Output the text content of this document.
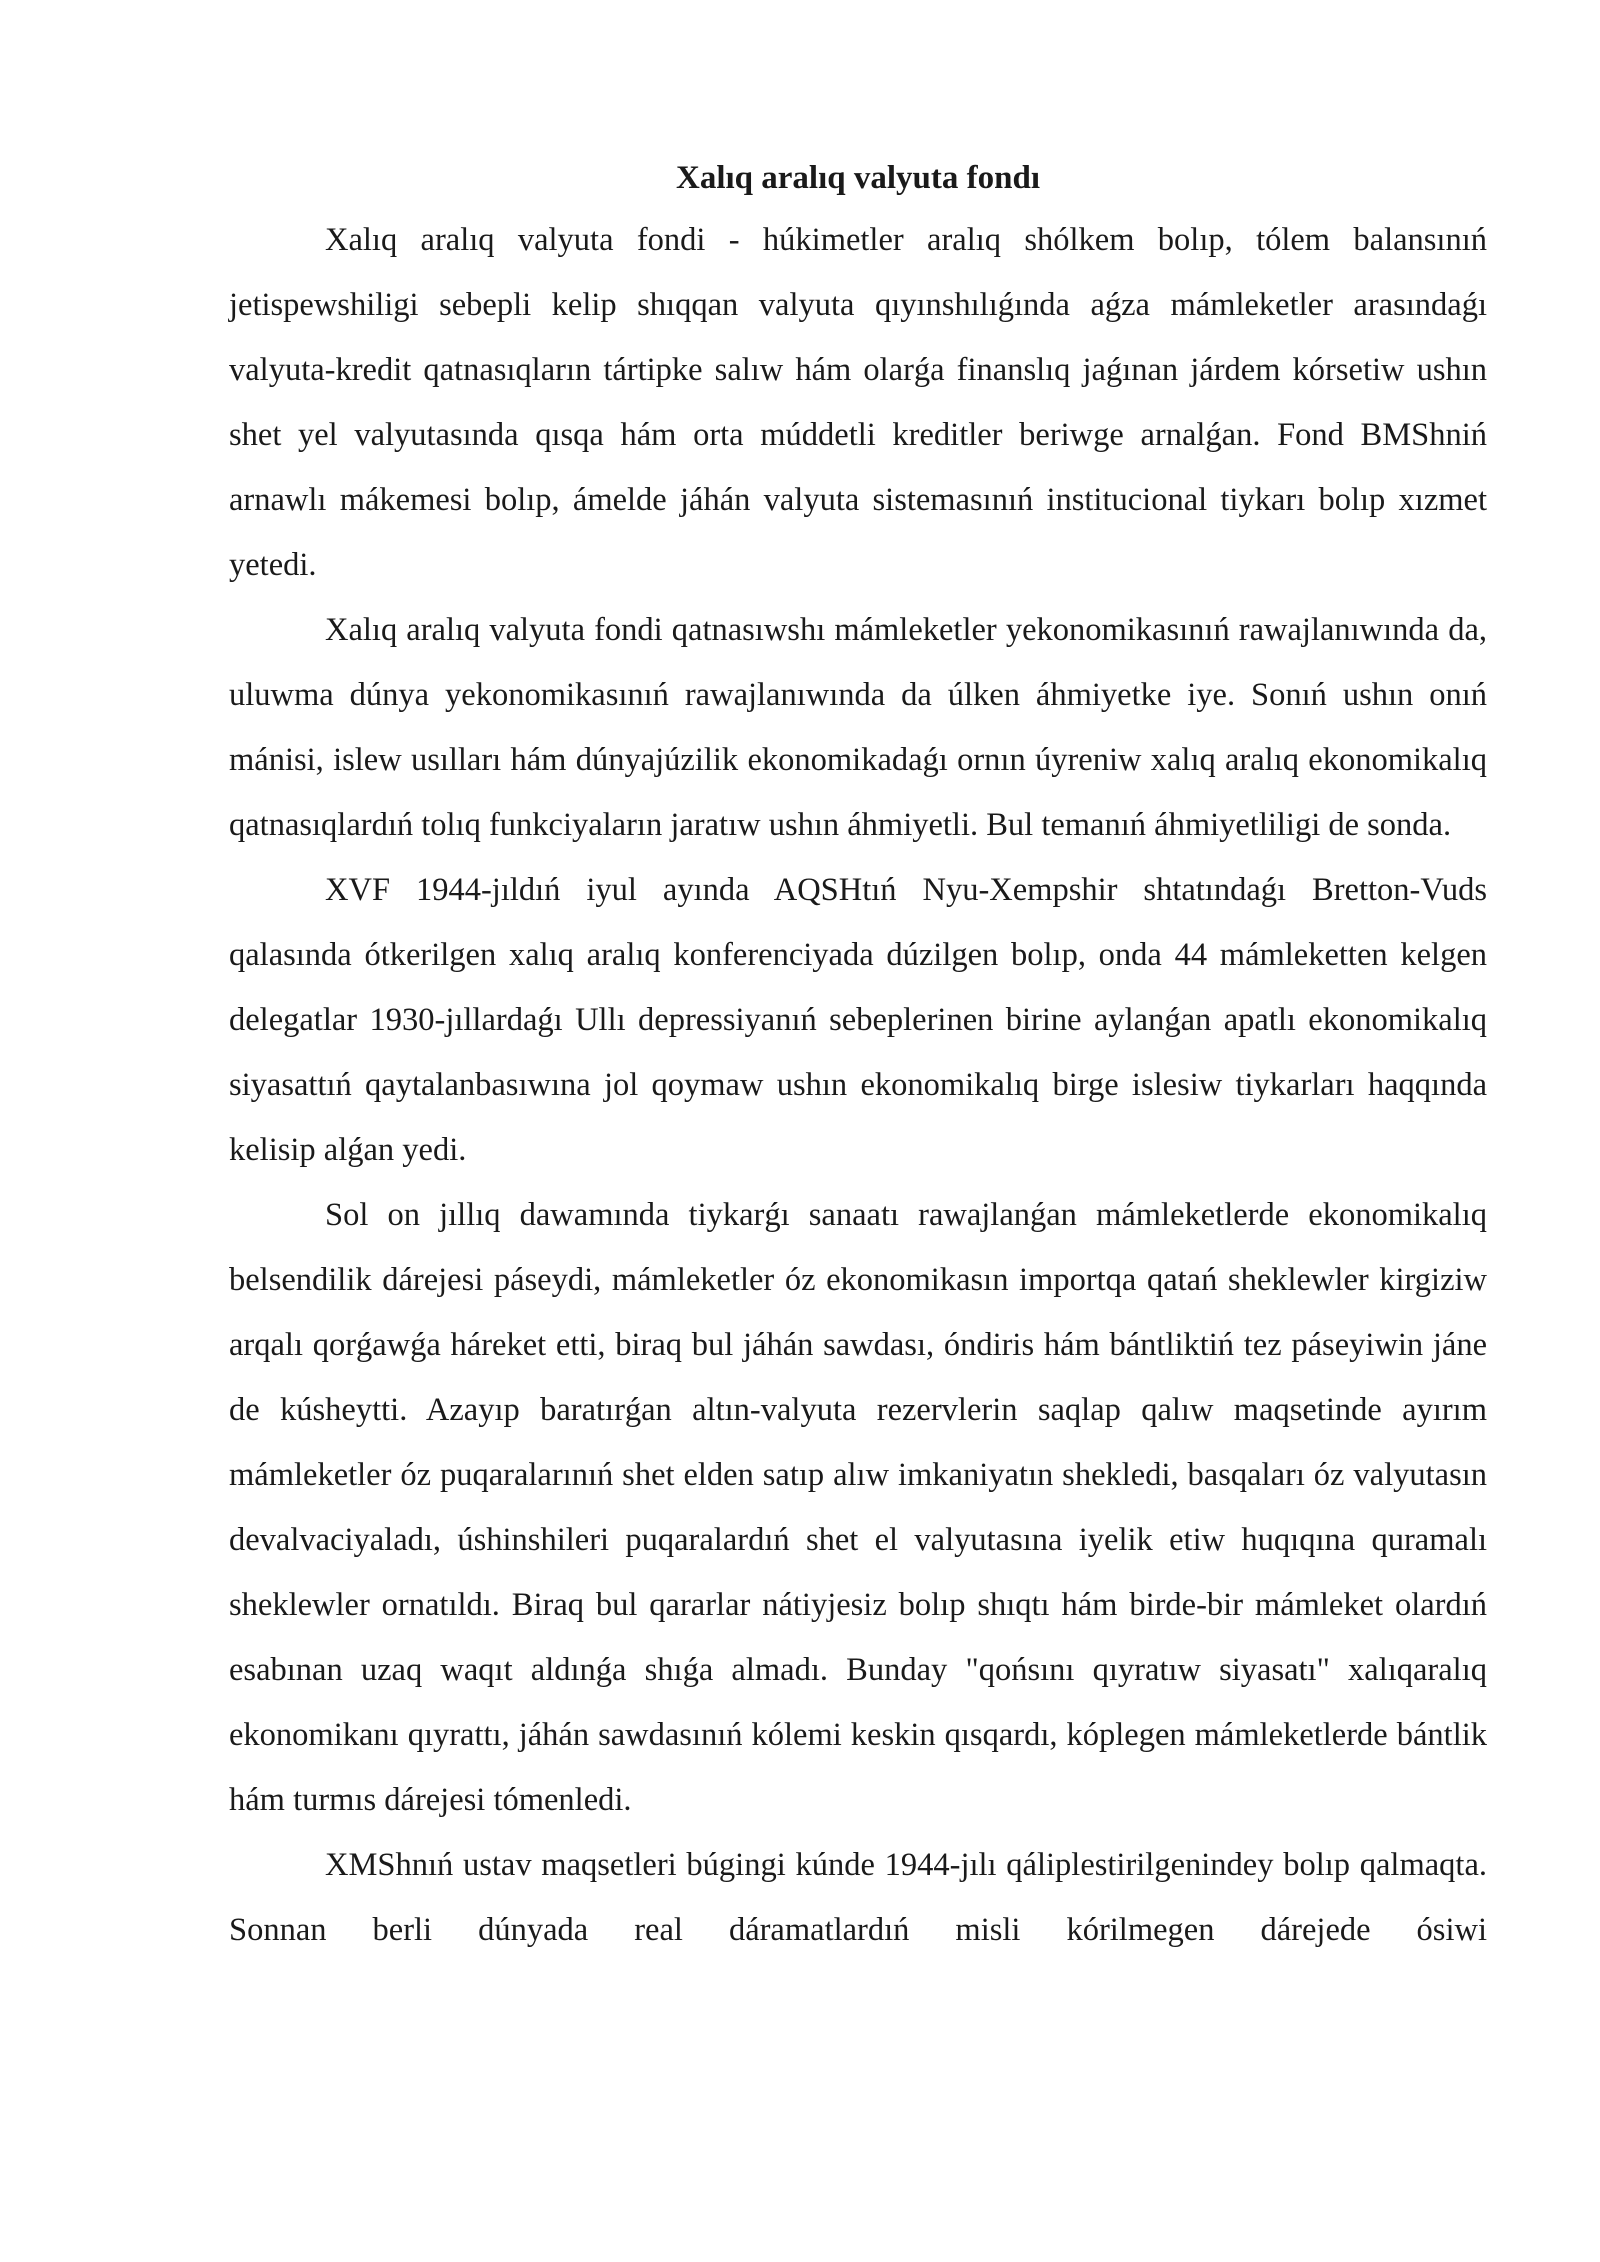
Xalıq aralıq valyuta fondı

Xalıq aralıq valyuta fondi - húkimetler aralıq shólkem bolıp, tólem balansınıń jetispewshiligi sebepli kelip shıqqan valyuta qıyınshılıǵında aǵza mámleketler arasındaǵı valyuta-kredit qatnasıqların tártipke salıw hám olarǵa finanslıq jaǵınan járdem kórsetiw ushın shet yel valyutasında qısqa hám orta múddetli kreditler beriwge arnalǵan. Fond BMShniń arnawlı mákemesi bolıp, ámelde jáhán valyuta sistemasınıń institucional tiykarı bolıp xızmet yetedi.

Xalıq aralıq valyuta fondi qatnasıwshı mámleketler yekonomikasınıń rawajlanıwında da, uluwma dúnya yekonomikasınıń rawajlanıwında da úlken áhmiyetke iye. Sonıń ushın onıń mánisi, islew usılları hám dúnyajúzilik ekonomikadaǵı ornın úyreniw xalıq aralıq ekonomikalıq qatnasıqlardıń tolıq funkciyaların jaratıw ushın áhmiyetli. Bul temanıń áhmiyetliligi de sonda.

XVF 1944-jıldıń iyul ayında AQSHtıń Nyu-Xempshir shtatındaǵı Bretton-Vuds qalasında ótkerilgen xalıq aralıq konferenciyada dúzilgen bolıp, onda 44 mámleketten kelgen delegatlar 1930-jıllardaǵı Ullı depressiyanıń sebeplerinen birine aylanǵan apatlı ekonomikalıq siyasattıń qaytalanbasıwına jol qoymaw ushın ekonomikalıq birge islesiw tiykarları haqqında kelisip alǵan yedi.

Sol on jıllıq dawamında tiykarǵı sanaatı rawajlanǵan mámleketlerde ekonomikalıq belsendilik dárejesi páseydi, mámleketler óz ekonomikasın importqa qatań sheklewler kirgiziw arqalı qorǵawǵa háreket etti, biraq bul jáhán sawdası, óndiris hám bántliktiń tez páseyiwin jáne de kúsheytti. Azayıp baratırǵan altın-valyuta rezervlerin saqlap qalıw maqsetinde ayırım mámleketler óz puqaralarınıń shet elden satıp alıw imkaniyatın shekledi, basqaları óz valyutasın devalvaciyaladı, úshinshileri puqaralardıń shet el valyutasına iyelik etiw huqıqına quramalı sheklewler ornatıldı. Biraq bul qararlar nátiyjesiz bolıp shıqtı hám birde-bir mámleket olardıń esabınan uzaq waqıt aldınǵa shıǵa almadı. Bunday "qońsını qıyratıw siyasatı" xalıqaralıq ekonomikanı qıyrattı, jáhán sawdasınıń kólemi keskin qısqardı, kóplegen mámleketlerde bántlik hám turmıs dárejesi tómenledi.

XMShnıń ustav maqsetleri búgingi kúnde 1944-jılı qáliplestirilgenindey bolıp qalmaqta. Sonnan berli dúnyada real dáramatlardıń misli kórilmegen dárejede ósiwi
